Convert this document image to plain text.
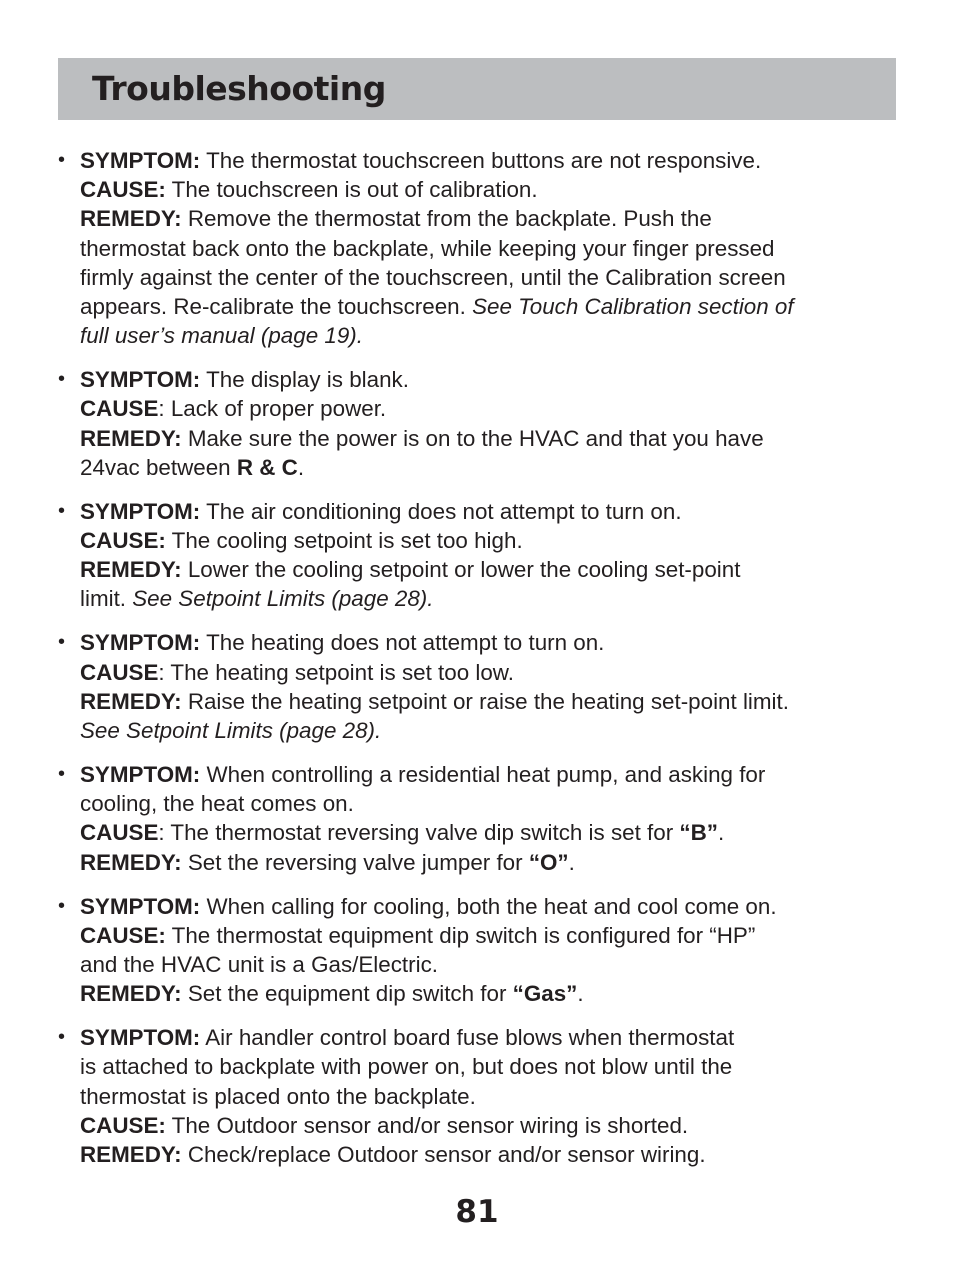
Troubleshooting
• SYMPTOM: The thermostat touchscreen buttons are not responsive.
CAUSE: The touchscreen is out of calibration.
REMEDY: Remove the thermostat from the backplate. Push the
thermostat back onto the backplate, while keeping your finger pressed
firmly against the center of the touchscreen, until the Calibration screen
appears. Re-calibrate the touchscreen. See Touch Calibration section of
full user’s manual (page 19).
• SYMPTOM: The display is blank.
CAUSE: Lack of proper power.
REMEDY: Make sure the power is on to the HVAC and that you have
24vac between R & C.
• SYMPTOM: The air conditioning does not attempt to turn on.
CAUSE: The cooling setpoint is set too high.
REMEDY: Lower the cooling setpoint or lower the cooling set-point
limit. See Setpoint Limits (page 28).
• SYMPTOM: The heating does not attempt to turn on.
CAUSE: The heating setpoint is set too low.
REMEDY: Raise the heating setpoint or raise the heating set-point limit.
See Setpoint Limits (page 28).
• SYMPTOM: When controlling a residential heat pump, and asking for
cooling, the heat comes on.
CAUSE: The thermostat reversing valve dip switch is set for “B”.
REMEDY: Set the reversing valve jumper for “O”.
• SYMPTOM: When calling for cooling, both the heat and cool come on.
CAUSE: The thermostat equipment dip switch is configured for “HP”
and the HVAC unit is a Gas/Electric.
REMEDY: Set the equipment dip switch for “Gas”.
• SYMPTOM: Air handler control board fuse blows when thermostat
is attached to backplate with power on, but does not blow until the
thermostat is placed onto the backplate.
CAUSE: The Outdoor sensor and/or sensor wiring is shorted.
REMEDY: Check/replace Outdoor sensor and/or sensor wiring.
81
